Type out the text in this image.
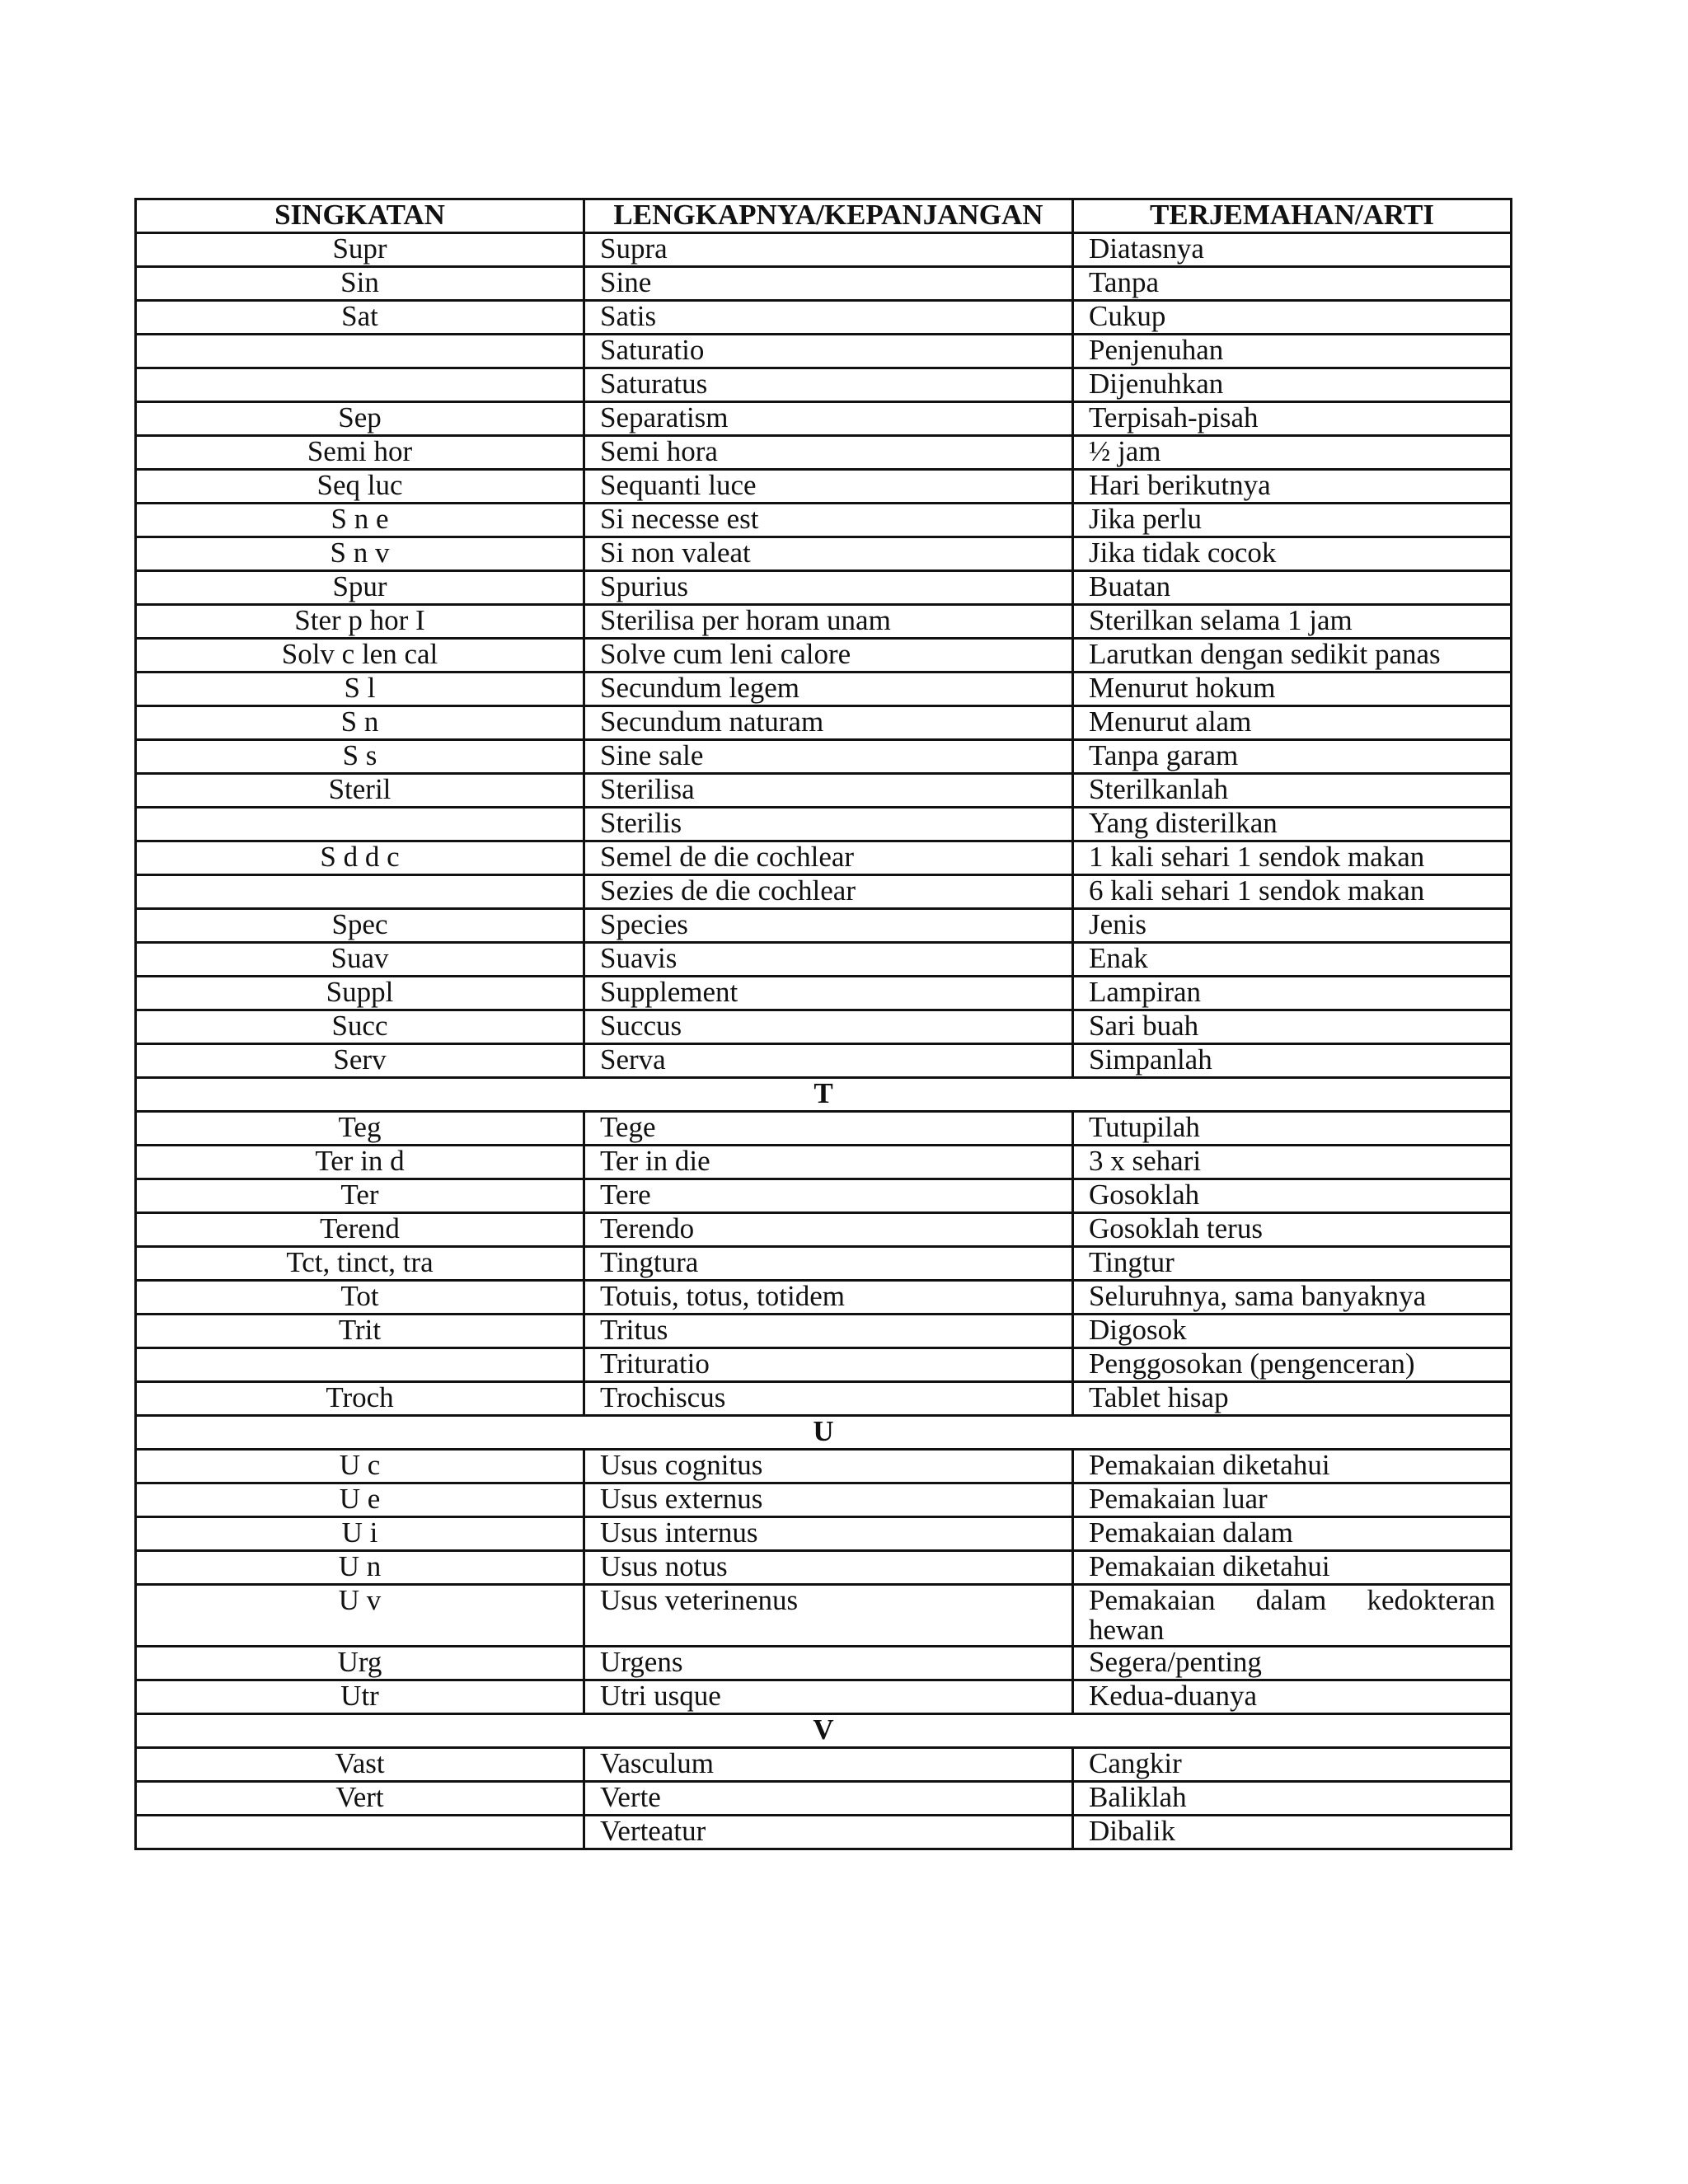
SINGKATAN	LENGKAPNYA/KEPANJANGAN	TERJEMAHAN/ARTI
Supr	Supra	Diatasnya
Sin	Sine	Tanpa
Sat	Satis	Cukup
	Saturatio	Penjenuhan
	Saturatus	Dijenuhkan
Sep	Separatism	Terpisah-pisah
Semi hor	Semi hora	½ jam
Seq luc	Sequanti luce	Hari berikutnya
S n e	Si necesse est	Jika perlu
S n v	Si non valeat	Jika tidak cocok
Spur	Spurius	Buatan
Ster p hor I	Sterilisa per horam unam	Sterilkan selama 1 jam
Solv c len cal	Solve cum leni calore	Larutkan dengan sedikit panas
S l	Secundum legem	Menurut hokum
S n	Secundum naturam	Menurut alam
S s	Sine sale	Tanpa garam
Steril	Sterilisa	Sterilkanlah
	Sterilis	Yang disterilkan
S d d c	Semel de die cochlear	1 kali sehari 1 sendok makan
	Sezies de die cochlear	6 kali sehari 1 sendok makan
Spec	Species	Jenis
Suav	Suavis	Enak
Suppl	Supplement	Lampiran
Succ	Succus	Sari buah
Serv	Serva	Simpanlah
T		
Teg	Tege	Tutupilah
Ter in d	Ter in die	3 x sehari
Ter	Tere	Gosoklah
Terend	Terendo	Gosoklah terus
Tct, tinct, tra	Tingtura	Tingtur
Tot	Totuis, totus, totidem	Seluruhnya, sama banyaknya
Trit	Tritus	Digosok
	Trituratio	Penggosokan (pengenceran)
Troch	Trochiscus	Tablet hisap
U		
U c	Usus cognitus	Pemakaian diketahui
U e	Usus externus	Pemakaian luar
U i	Usus internus	Pemakaian dalam
U n	Usus notus	Pemakaian diketahui
U v	Usus veterinenus	Pemakaian dalam kedokteran hewan
Urg	Urgens	Segera/penting
Utr	Utri usque	Kedua-duanya
V		
Vast	Vasculum	Cangkir
Vert	Verte	Baliklah
	Verteatur	Dibalik
